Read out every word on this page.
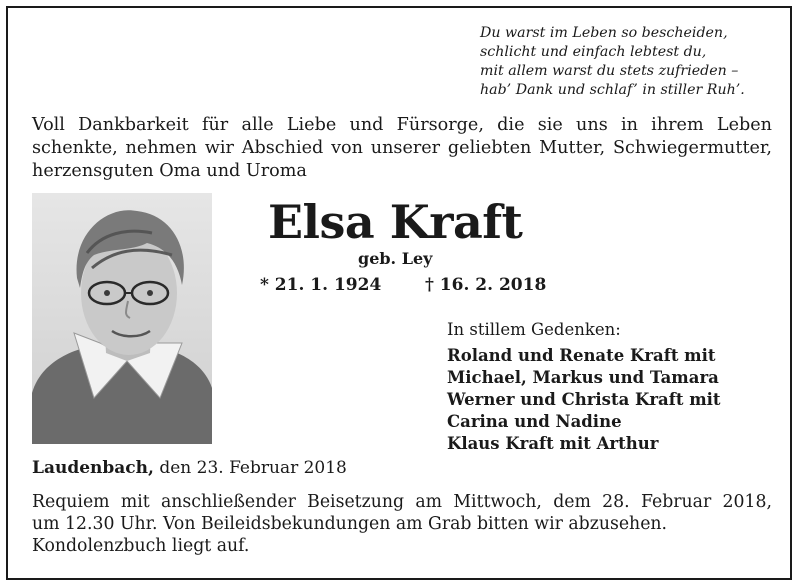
Du warst im Leben so bescheiden,
schlicht und einfach lebtest du,
mit allem warst du stets zufrieden –
hab’ Dank und schlaf’ in stiller Ruh’.
Voll Dankbarkeit für alle Liebe und Fürsorge, die sie uns in ihrem Leben
schenkte, nehmen wir Abschied von unserer geliebten Mutter, Schwiegermutter,
herzensguten Oma und Uroma
Elsa Kraft
geb. Ley
* 21. 1. 1924	† 16. 2. 2018
In stillem Gedenken:
Roland und Renate Kraft mit
Michael, Markus und Tamara
Werner und Christa Kraft mit
Carina und Nadine
Klaus Kraft mit Arthur
Laudenbach, den 23. Februar 2018
Requiem mit anschließender Beisetzung am Mittwoch, dem 28. Februar 2018,
um 12.30 Uhr. Von Beileidsbekundungen am Grab bitten wir abzusehen.
Kondolenzbuch liegt auf.
